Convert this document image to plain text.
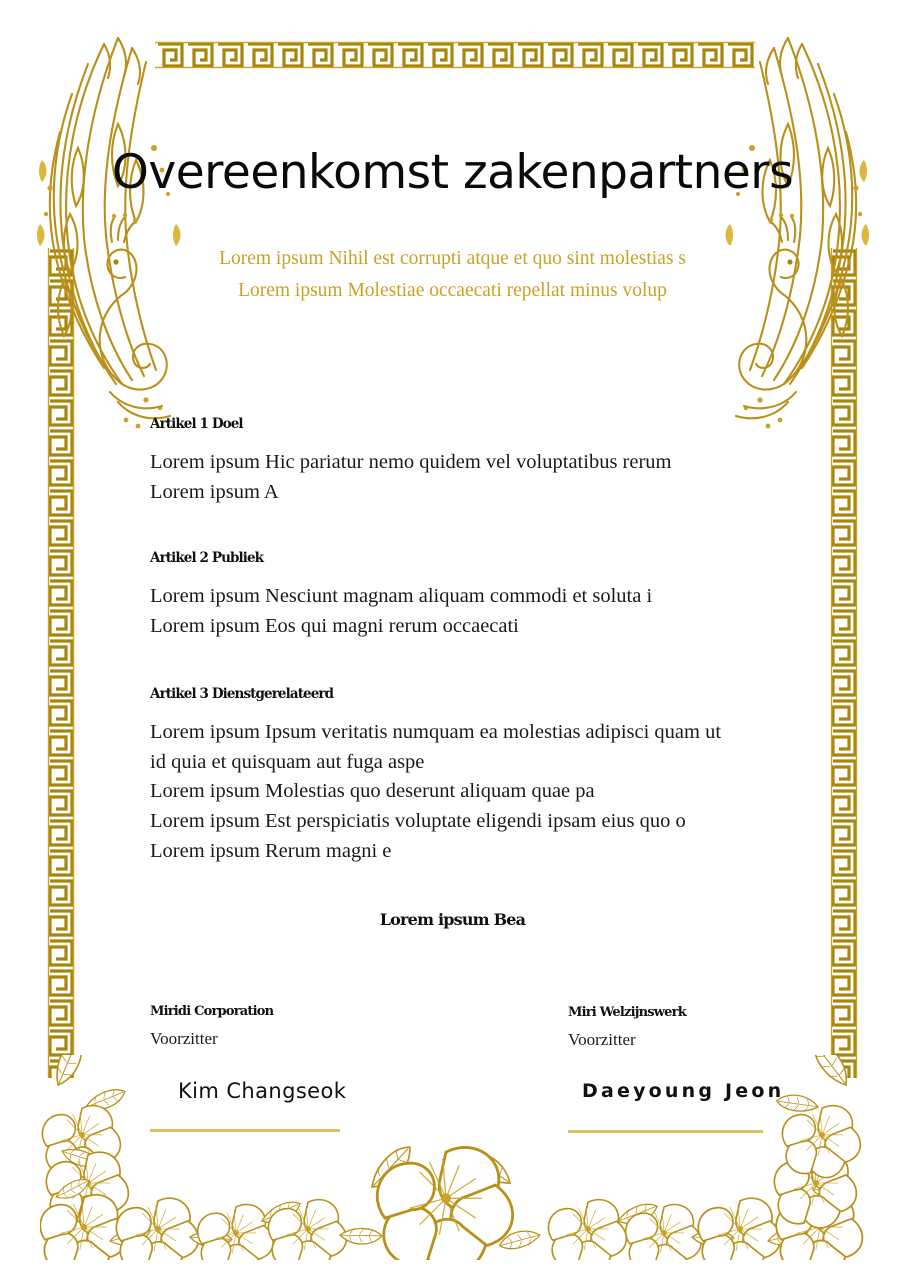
Overeenkomst zakenpartners
Lorem ipsum Nihil est corrupti atque et quo sint molestias s
Lorem ipsum Molestiae occaecati repellat minus volup

Artikel 1 Doel

Lorem ipsum Hic pariatur nemo quidem vel voluptatibus rerum
Lorem ipsum A

Artikel 2 Publiek

Lorem ipsum Nesciunt magnam aliquam commodi et soluta i
Lorem ipsum Eos qui magni rerum occaecati

Artikel 3 Dienstgerelateerd

Lorem ipsum Ipsum veritatis numquam ea molestias adipisci quam ut
id quia et quisquam aut fuga aspe
Lorem ipsum Molestias quo deserunt aliquam quae pa
Lorem ipsum Est perspiciatis voluptate eligendi ipsam eius quo o
Lorem ipsum Rerum magni e
Lorem ipsum Bea

Miridi Corporation

Voorzitter

Kim Changseok

Miri Welzijnswerk

Voorzitter

Daeyoung Jeon
